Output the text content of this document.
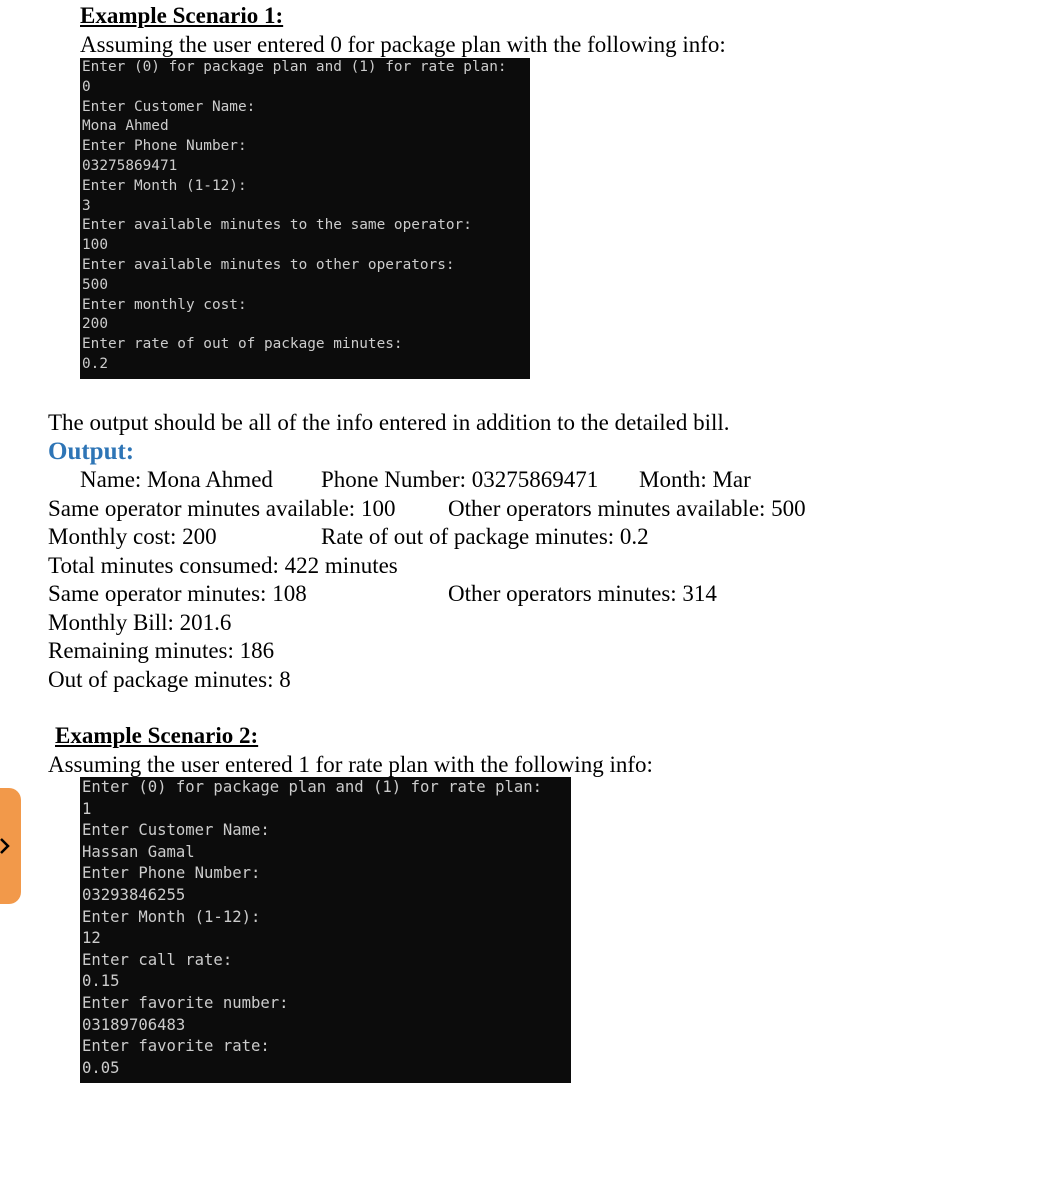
Example Scenario 1:
Assuming the user entered 0 for package plan with the following info:
Enter (0) for package plan and (1) for rate plan:
0
Enter Customer Name:
Mona Ahmed
Enter Phone Number:
03275869471
Enter Month (1-12):
3
Enter available minutes to the same operator:
100
Enter available minutes to other operators:
500
Enter monthly cost:
200
Enter rate of out of package minutes:
0.2
The output should be all of the info entered in addition to the detailed bill.
Output:
Name: Mona Ahmed Phone Number: 03275869471 Month: Mar
Same operator minutes available: 100 Other operators minutes available: 500
Monthly cost: 200	Rate of out of package minutes: 0.2
Total minutes consumed: 422 minutes
Same operator minutes: 108	Other operators minutes: 314
Monthly Bill: 201.6
Remaining minutes: 186
Out of package minutes: 8
Example Scenario 2:
Assuming the user entered 1 for rate plan with the following info:
Enter (0) for package plan and (1) for rate plan:
1
Enter Customer Name:
Hassan Gamal
Enter Phone Number:
03293846255
Enter Month (1-12):
12
Enter call rate:
0.15
Enter favorite number:
03189706483
Enter favorite rate:
0.05
